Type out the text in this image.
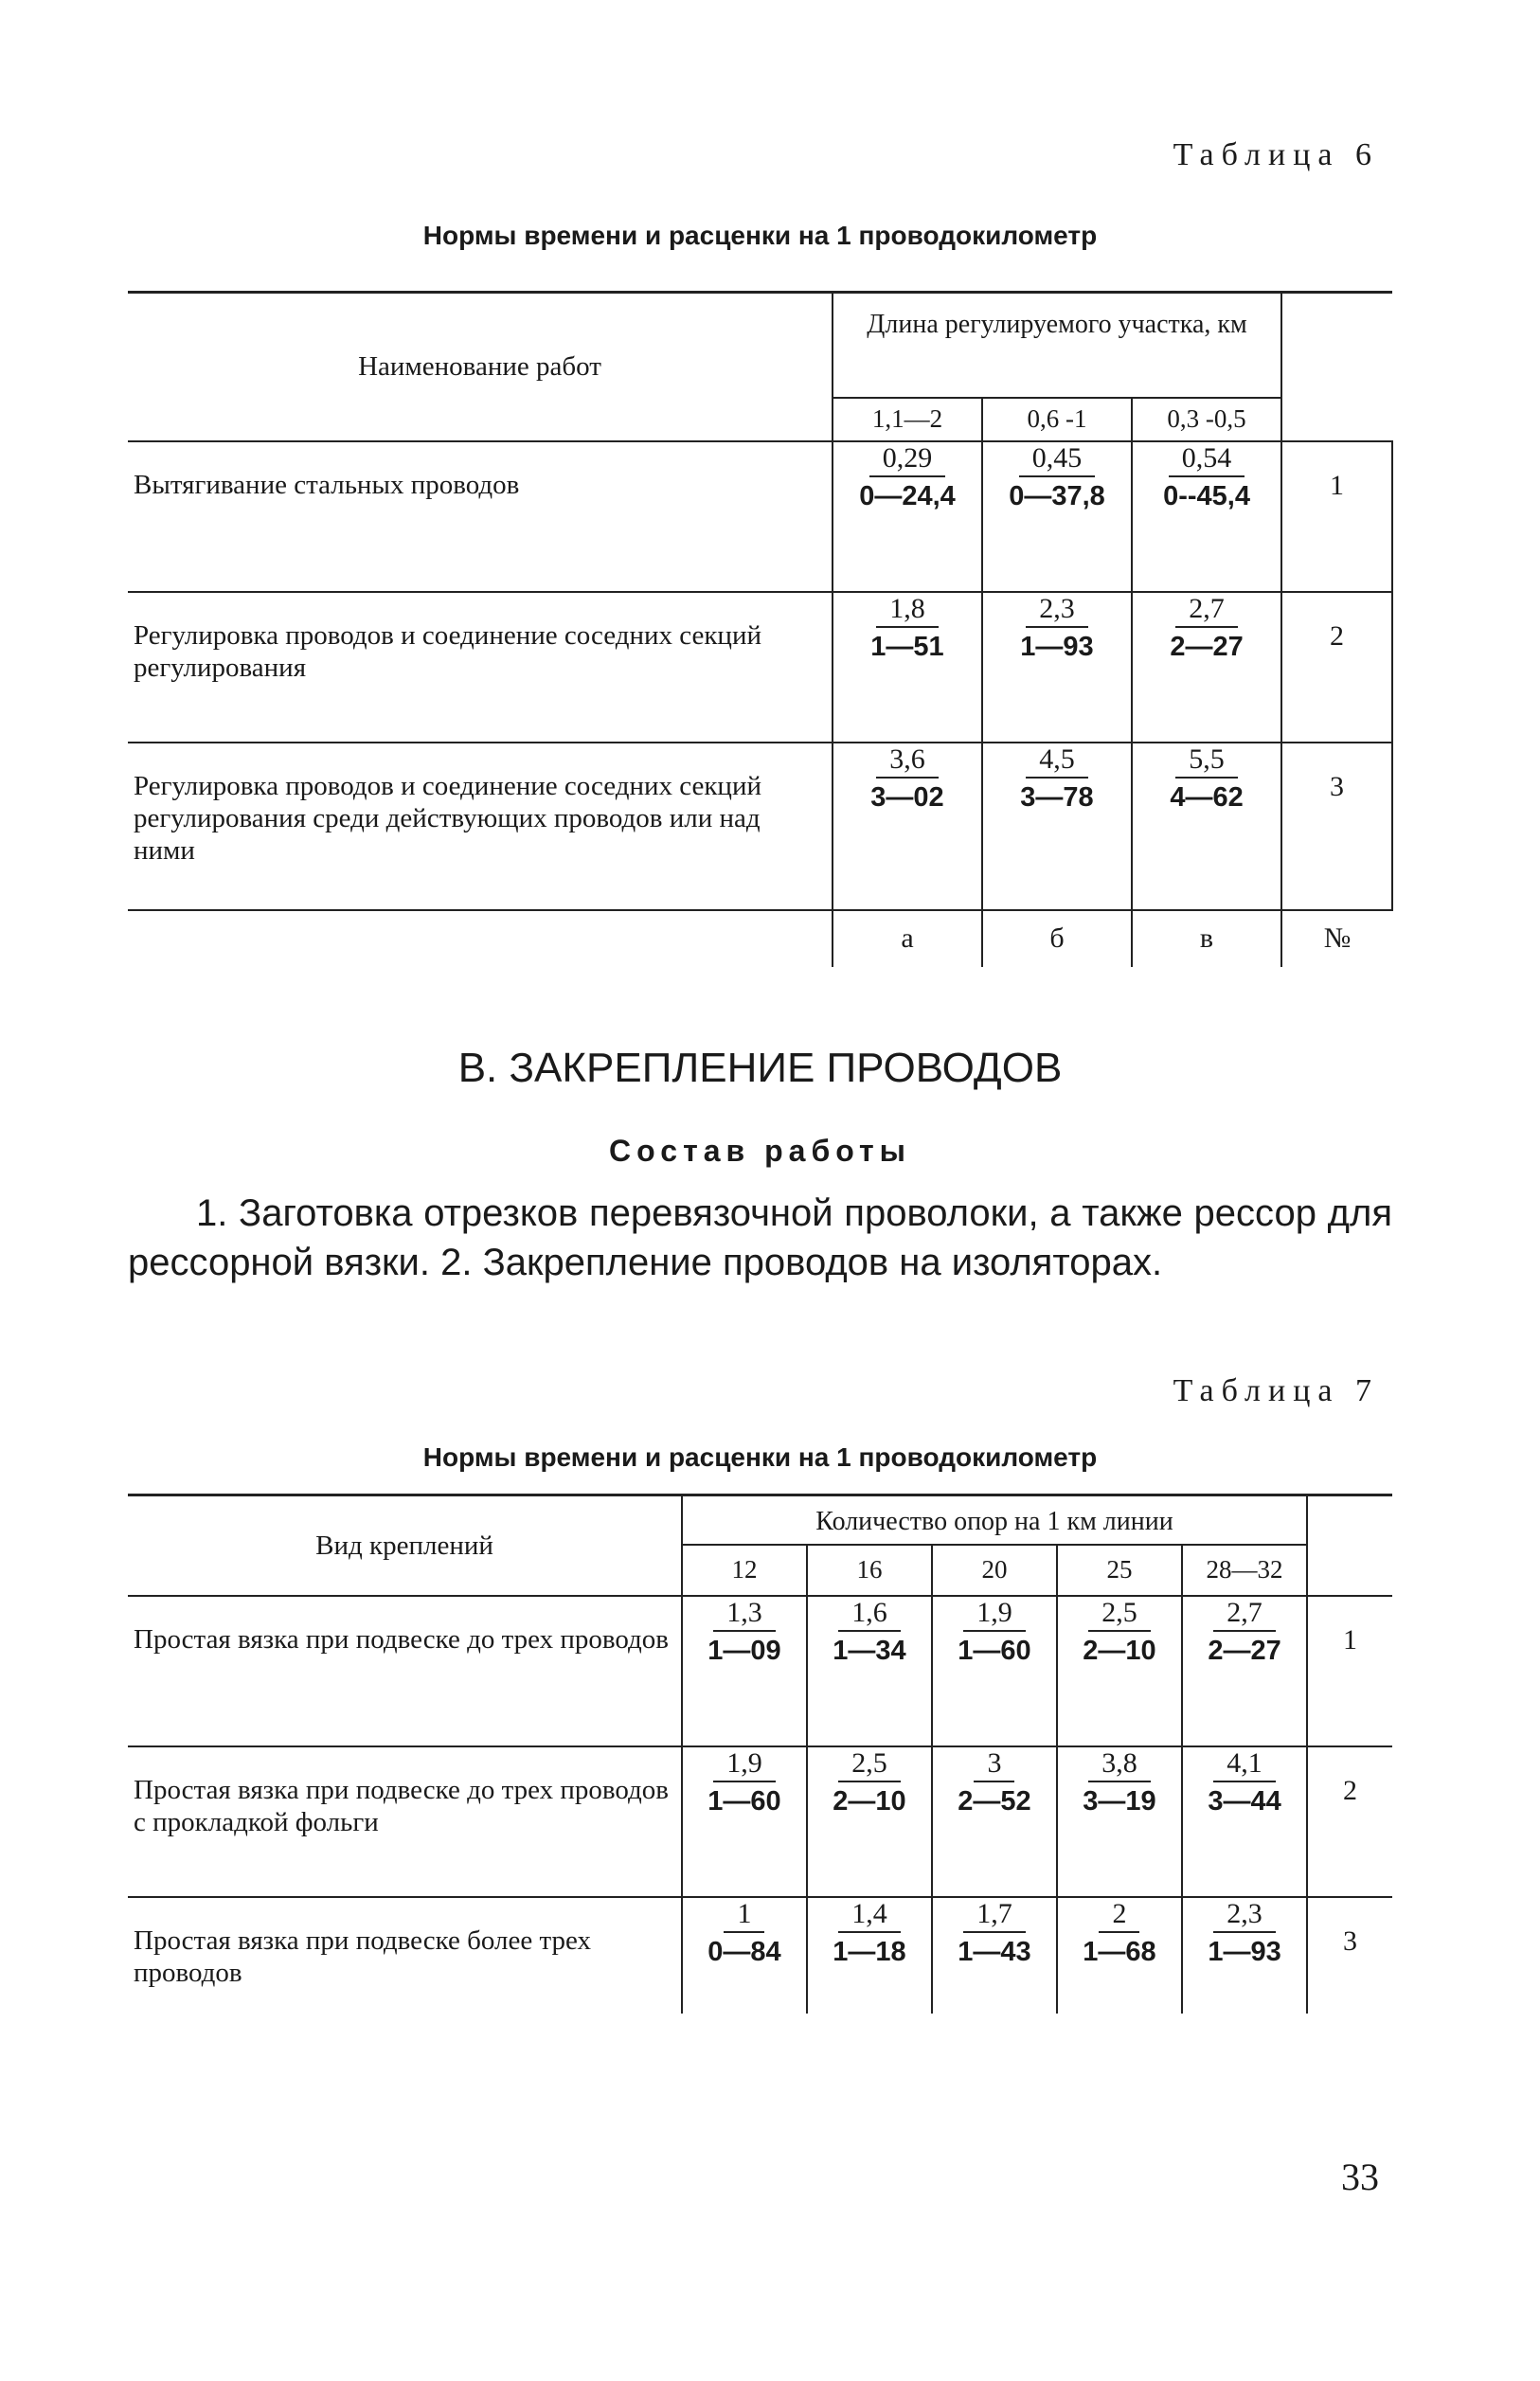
Таблица 6
Нормы времени и расценки на 1 проводокилометр
Наименование работ	Длина регулируемого участка, км			
	1,1—2	0,6 -1	0,3 -0,5	
Вытягивание стальных проводов	$\frac{0,29}{0—24,4}$	$\frac{0,45}{0—37,8}$	$\frac{0,54}{0--45,4}$	1
Регулировка проводов и соединение соседних секций регулирования	$\frac{1,8}{1—51}$	$\frac{2,3}{1—93}$	$\frac{2,7}{2—27}$	2
Регулировка проводов и соединение соседних секций регулирования среди действующих проводов или над ними	$\frac{3,6}{3—02}$	$\frac{4,5}{3—78}$	$\frac{5,5}{4—62}$	3
	а	б	в	№
В. ЗАКРЕПЛЕНИЕ ПРОВОДОВ
Состав работы
1. Заготовка отрезков перевязочной проволоки, а также рессор для рессорной вязки. 2. Закрепление проводов на изоляторах.
Таблица 7
Нормы времени и расценки на 1 проводокилометр
Вид креплений	Количество опор на 1 км линии					
	12	16	20	25	28—32	
Простая вязка при подвеске до трех проводов	$\frac{1,3}{1—09}$	$\frac{1,6}{1—34}$	$\frac{1,9}{1—60}$	$\frac{2,5}{2—10}$	$\frac{2,7}{2—27}$	1
Простая вязка при подвеске до трех проводов с прокладкой фольги	$\frac{1,9}{1—60}$	$\frac{2,5}{2—10}$	$\frac{3}{2—52}$	$\frac{3,8}{3—19}$	$\frac{4,1}{3—44}$	2
Простая вязка при подвеске более трех проводов	$\frac{1}{0—84}$	$\frac{1,4}{1—18}$	$\frac{1,7}{1—43}$	$\frac{2}{1—68}$	$\frac{2,3}{1—93}$	3
33
